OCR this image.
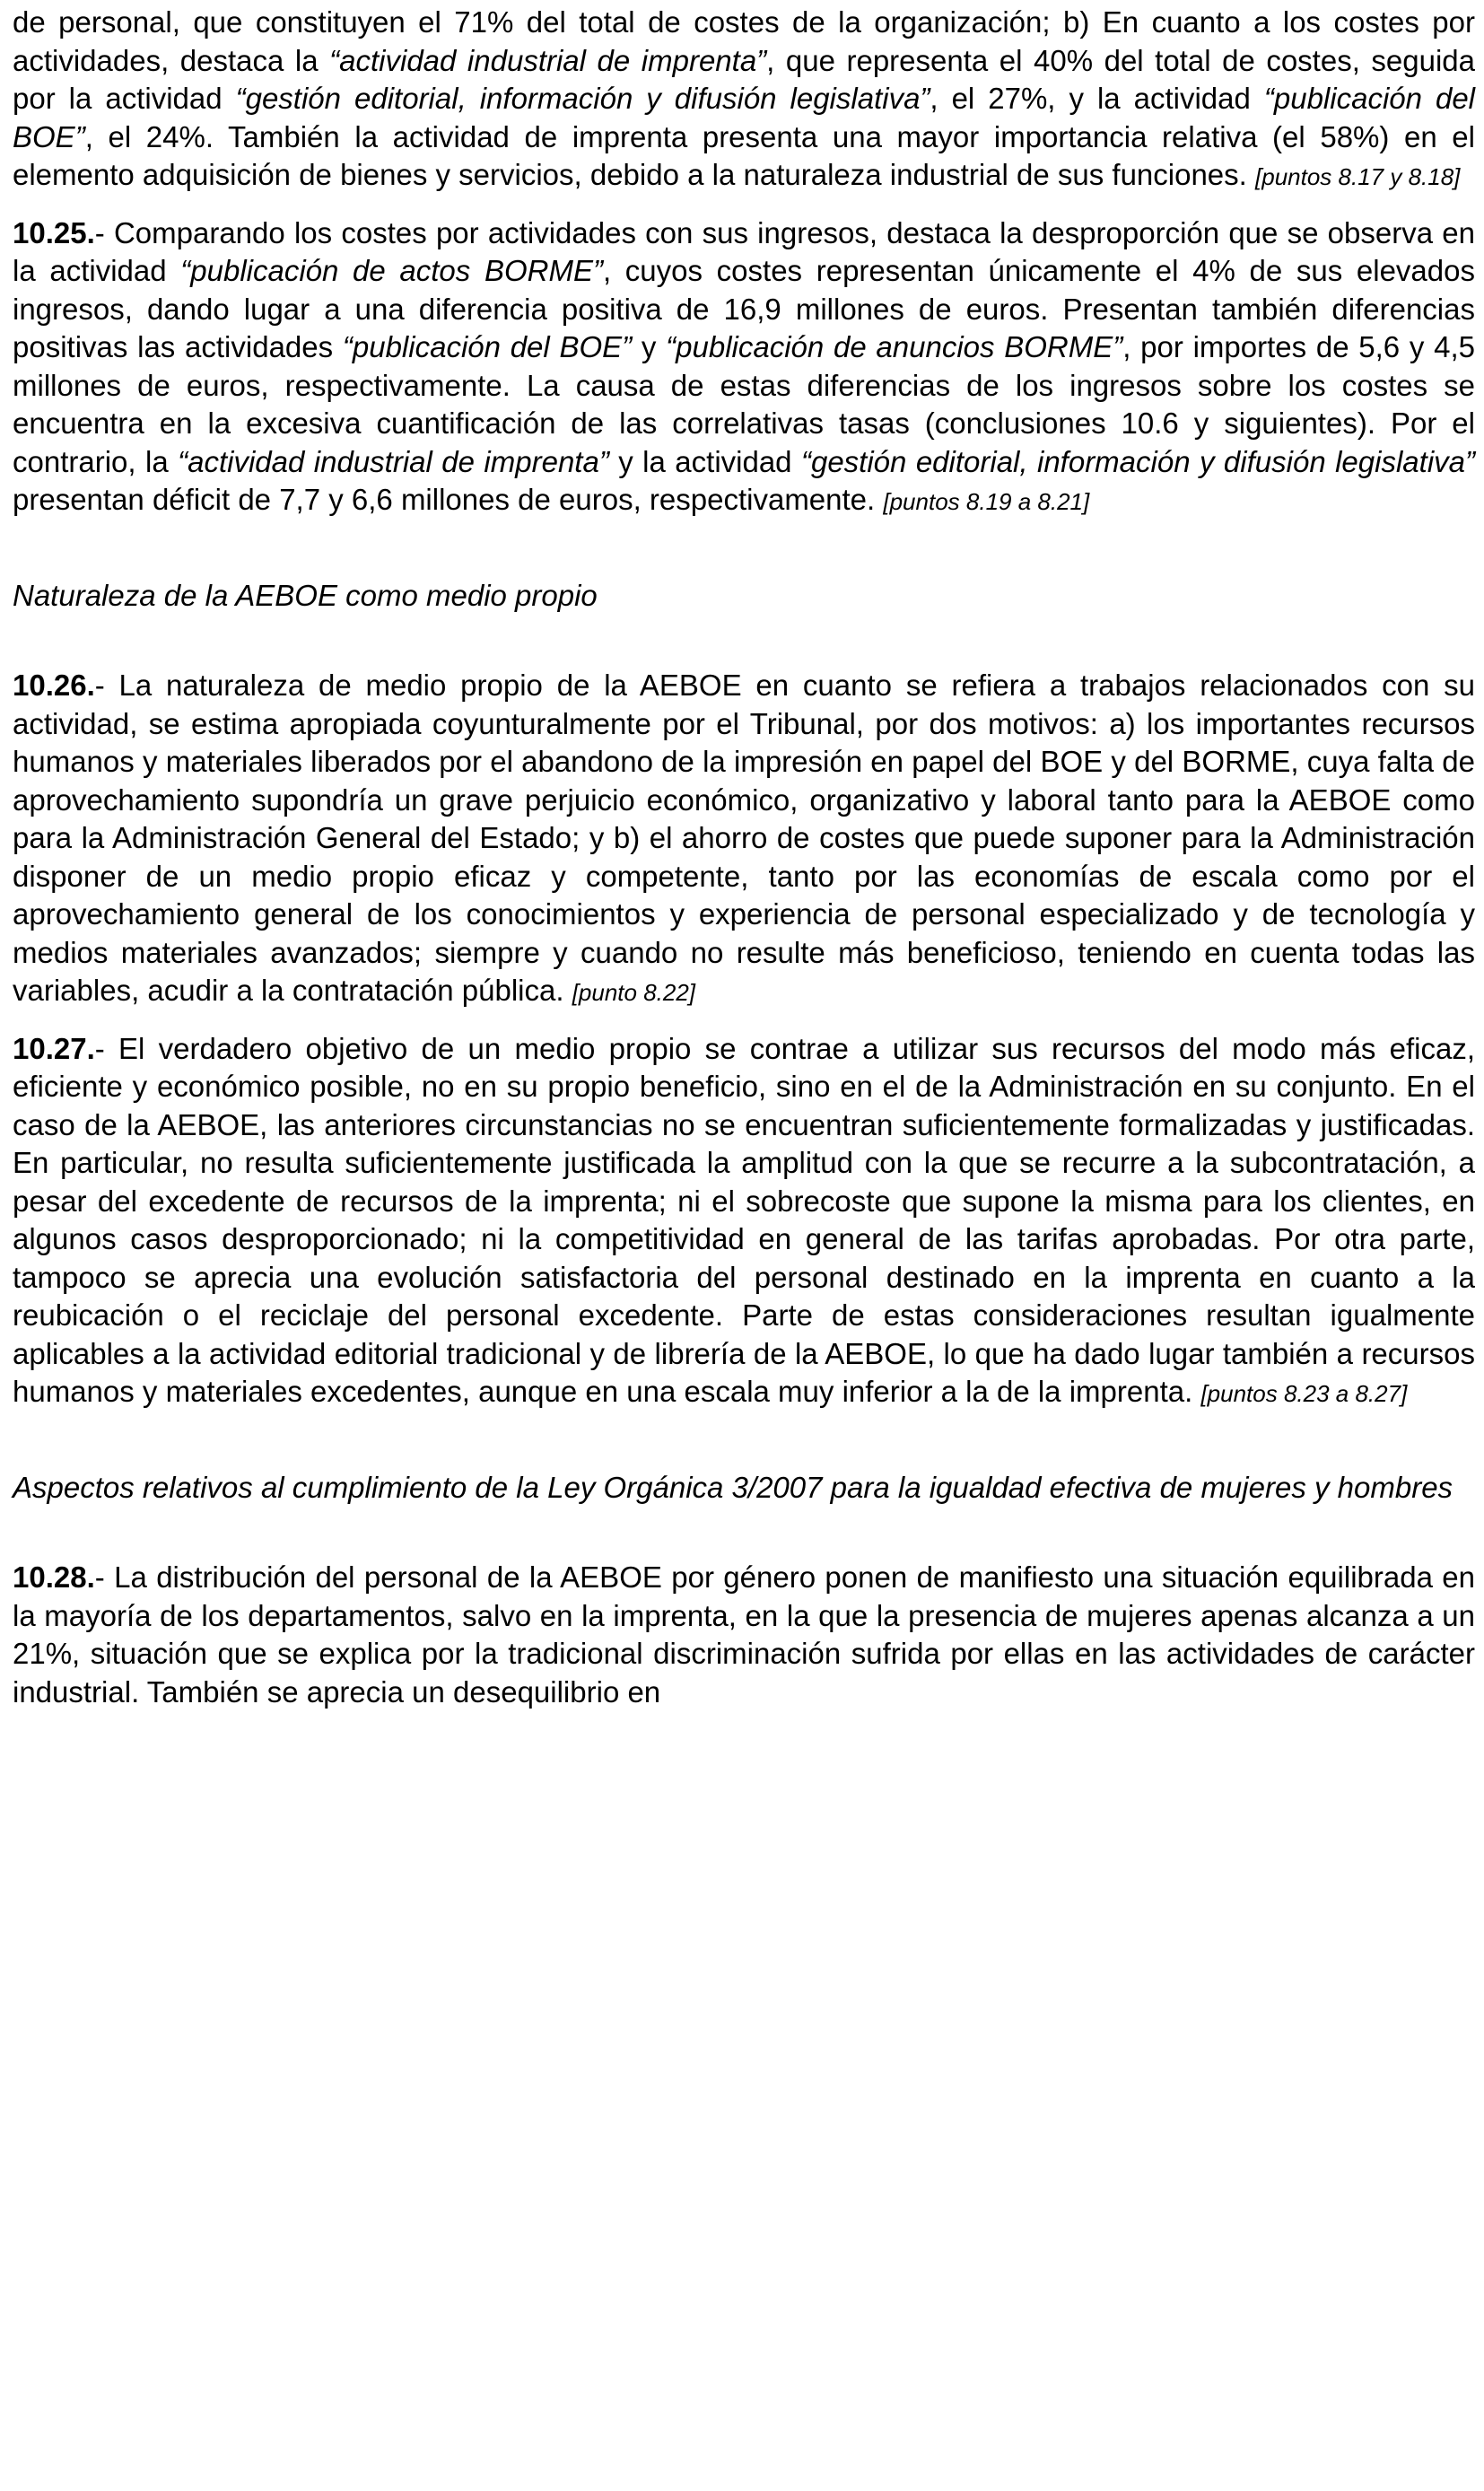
de personal, que constituyen el 71% del total de costes de la organización; b) En cuanto a los costes por actividades, destaca la “actividad industrial de imprenta”, que representa el 40% del total de costes, seguida por la actividad “gestión editorial, información y difusión legislativa”, el 27%, y la actividad “publicación del BOE”, el 24%. También la actividad de imprenta presenta una mayor importancia relativa (el 58%) en el elemento adquisición de bienes y servicios, debido a la naturaleza industrial de sus funciones. [puntos 8.17 y 8.18]

10.25.- Comparando los costes por actividades con sus ingresos, destaca la desproporción que se observa en la actividad “publicación de actos BORME”, cuyos costes representan únicamente el 4% de sus elevados ingresos, dando lugar a una diferencia positiva de 16,9 millones de euros. Presentan también diferencias positivas las actividades “publicación del BOE” y “publicación de anuncios BORME”, por importes de 5,6 y 4,5 millones de euros, respectivamente. La causa de estas diferencias de los ingresos sobre los costes se encuentra en la excesiva cuantificación de las correlativas tasas (conclusiones 10.6 y siguientes). Por el contrario, la “actividad industrial de imprenta” y la actividad “gestión editorial, información y difusión legislativa” presentan déficit de 7,7 y 6,6 millones de euros, respectivamente. [puntos 8.19 a 8.21]

Naturaleza de la AEBOE como medio propio

10.26.- La naturaleza de medio propio de la AEBOE en cuanto se refiera a trabajos relacionados con su actividad, se estima apropiada coyunturalmente por el Tribunal, por dos motivos: a) los importantes recursos humanos y materiales liberados por el abandono de la impresión en papel del BOE y del BORME, cuya falta de aprovechamiento supondría un grave perjuicio económico, organizativo y laboral tanto para la AEBOE como para la Administración General del Estado; y b) el ahorro de costes que puede suponer para la Administración disponer de un medio propio eficaz y competente, tanto por las economías de escala como por el aprovechamiento general de los conocimientos y experiencia de personal especializado y de tecnología y medios materiales avanzados; siempre y cuando no resulte más beneficioso, teniendo en cuenta todas las variables, acudir a la contratación pública. [punto 8.22]

10.27.- El verdadero objetivo de un medio propio se contrae a utilizar sus recursos del modo más eficaz, eficiente y económico posible, no en su propio beneficio, sino en el de la Administración en su conjunto. En el caso de la AEBOE, las anteriores circunstancias no se encuentran suficientemente formalizadas y justificadas. En particular, no resulta suficientemente justificada la amplitud con la que se recurre a la subcontratación, a pesar del excedente de recursos de la imprenta; ni el sobrecoste que supone la misma para los clientes, en algunos casos desproporcionado; ni la competitividad en general de las tarifas aprobadas. Por otra parte, tampoco se aprecia una evolución satisfactoria del personal destinado en la imprenta en cuanto a la reubicación o el reciclaje del personal excedente. Parte de estas consideraciones resultan igualmente aplicables a la actividad editorial tradicional y de librería de la AEBOE, lo que ha dado lugar también a recursos humanos y materiales excedentes, aunque en una escala muy inferior a la de la imprenta. [puntos 8.23 a 8.27]

Aspectos relativos al cumplimiento de la Ley Orgánica 3/2007 para la igualdad efectiva de mujeres y hombres

10.28.- La distribución del personal de la AEBOE por género ponen de manifiesto una situación equilibrada en la mayoría de los departamentos, salvo en la imprenta, en la que la presencia de mujeres apenas alcanza a un 21%, situación que se explica por la tradicional discriminación sufrida por ellas en las actividades de carácter industrial. También se aprecia un desequilibrio en
